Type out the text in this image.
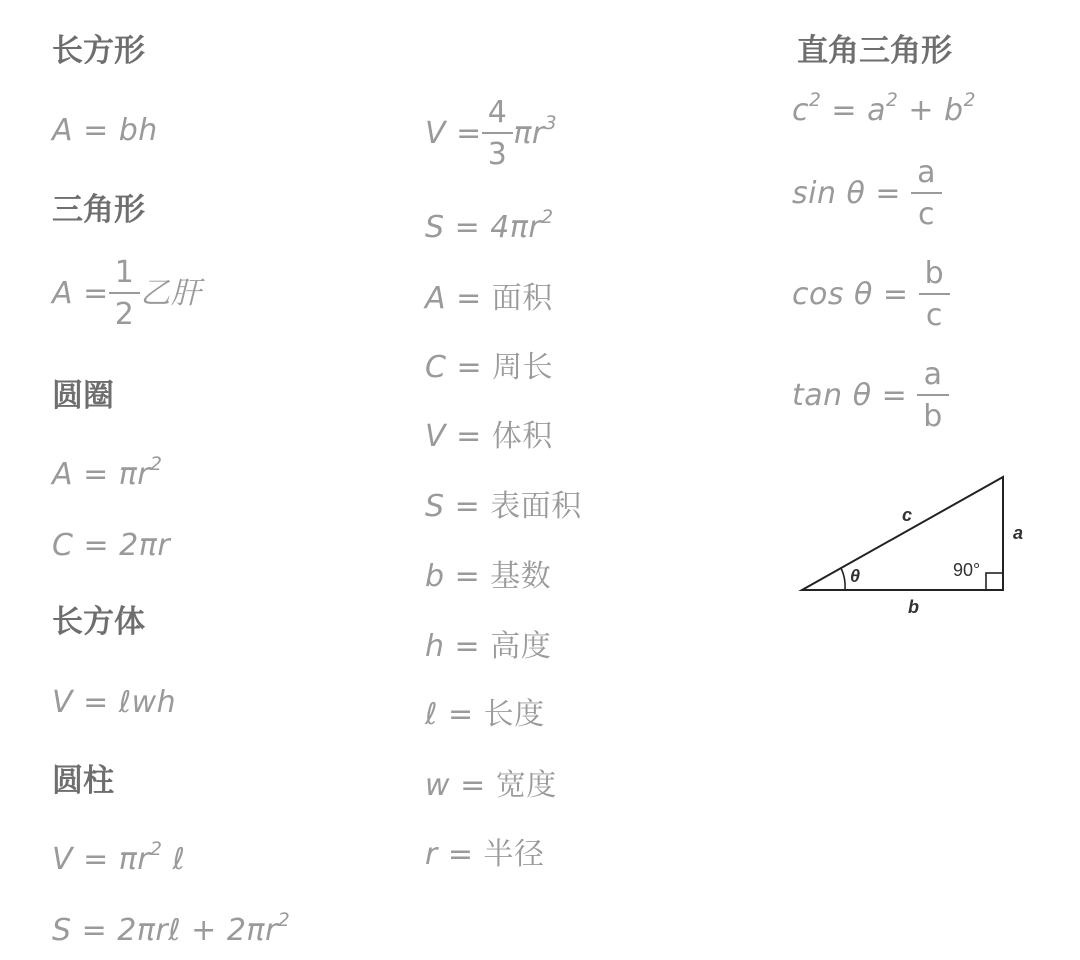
长方形
A = bh
三角形
$A = \frac{1}{2}$ 乙肝
圆圈
$A = \pi r^2$
C = 2πr
长方体
V = ℓwh
圆柱
$V = \pi r^2$ ℓ
S = 2πrℓ + $2\pi r^2$
$V = \frac{4}{3} \pi r^3$
$S = 4\pi r^2$
A = 面积
C = 周长
V = 体积
S = 表面积
b = 基数
h = 高度
ℓ = 长度
w = 宽度
r = 半径
直角三角形
$c^2 = a^2 + b^2$
$\sin \theta = \frac{a}{c}$
$\cos \theta = \frac{b}{c}$
$\tan \theta = \frac{a}{b}$
c
a
b
θ	90°
